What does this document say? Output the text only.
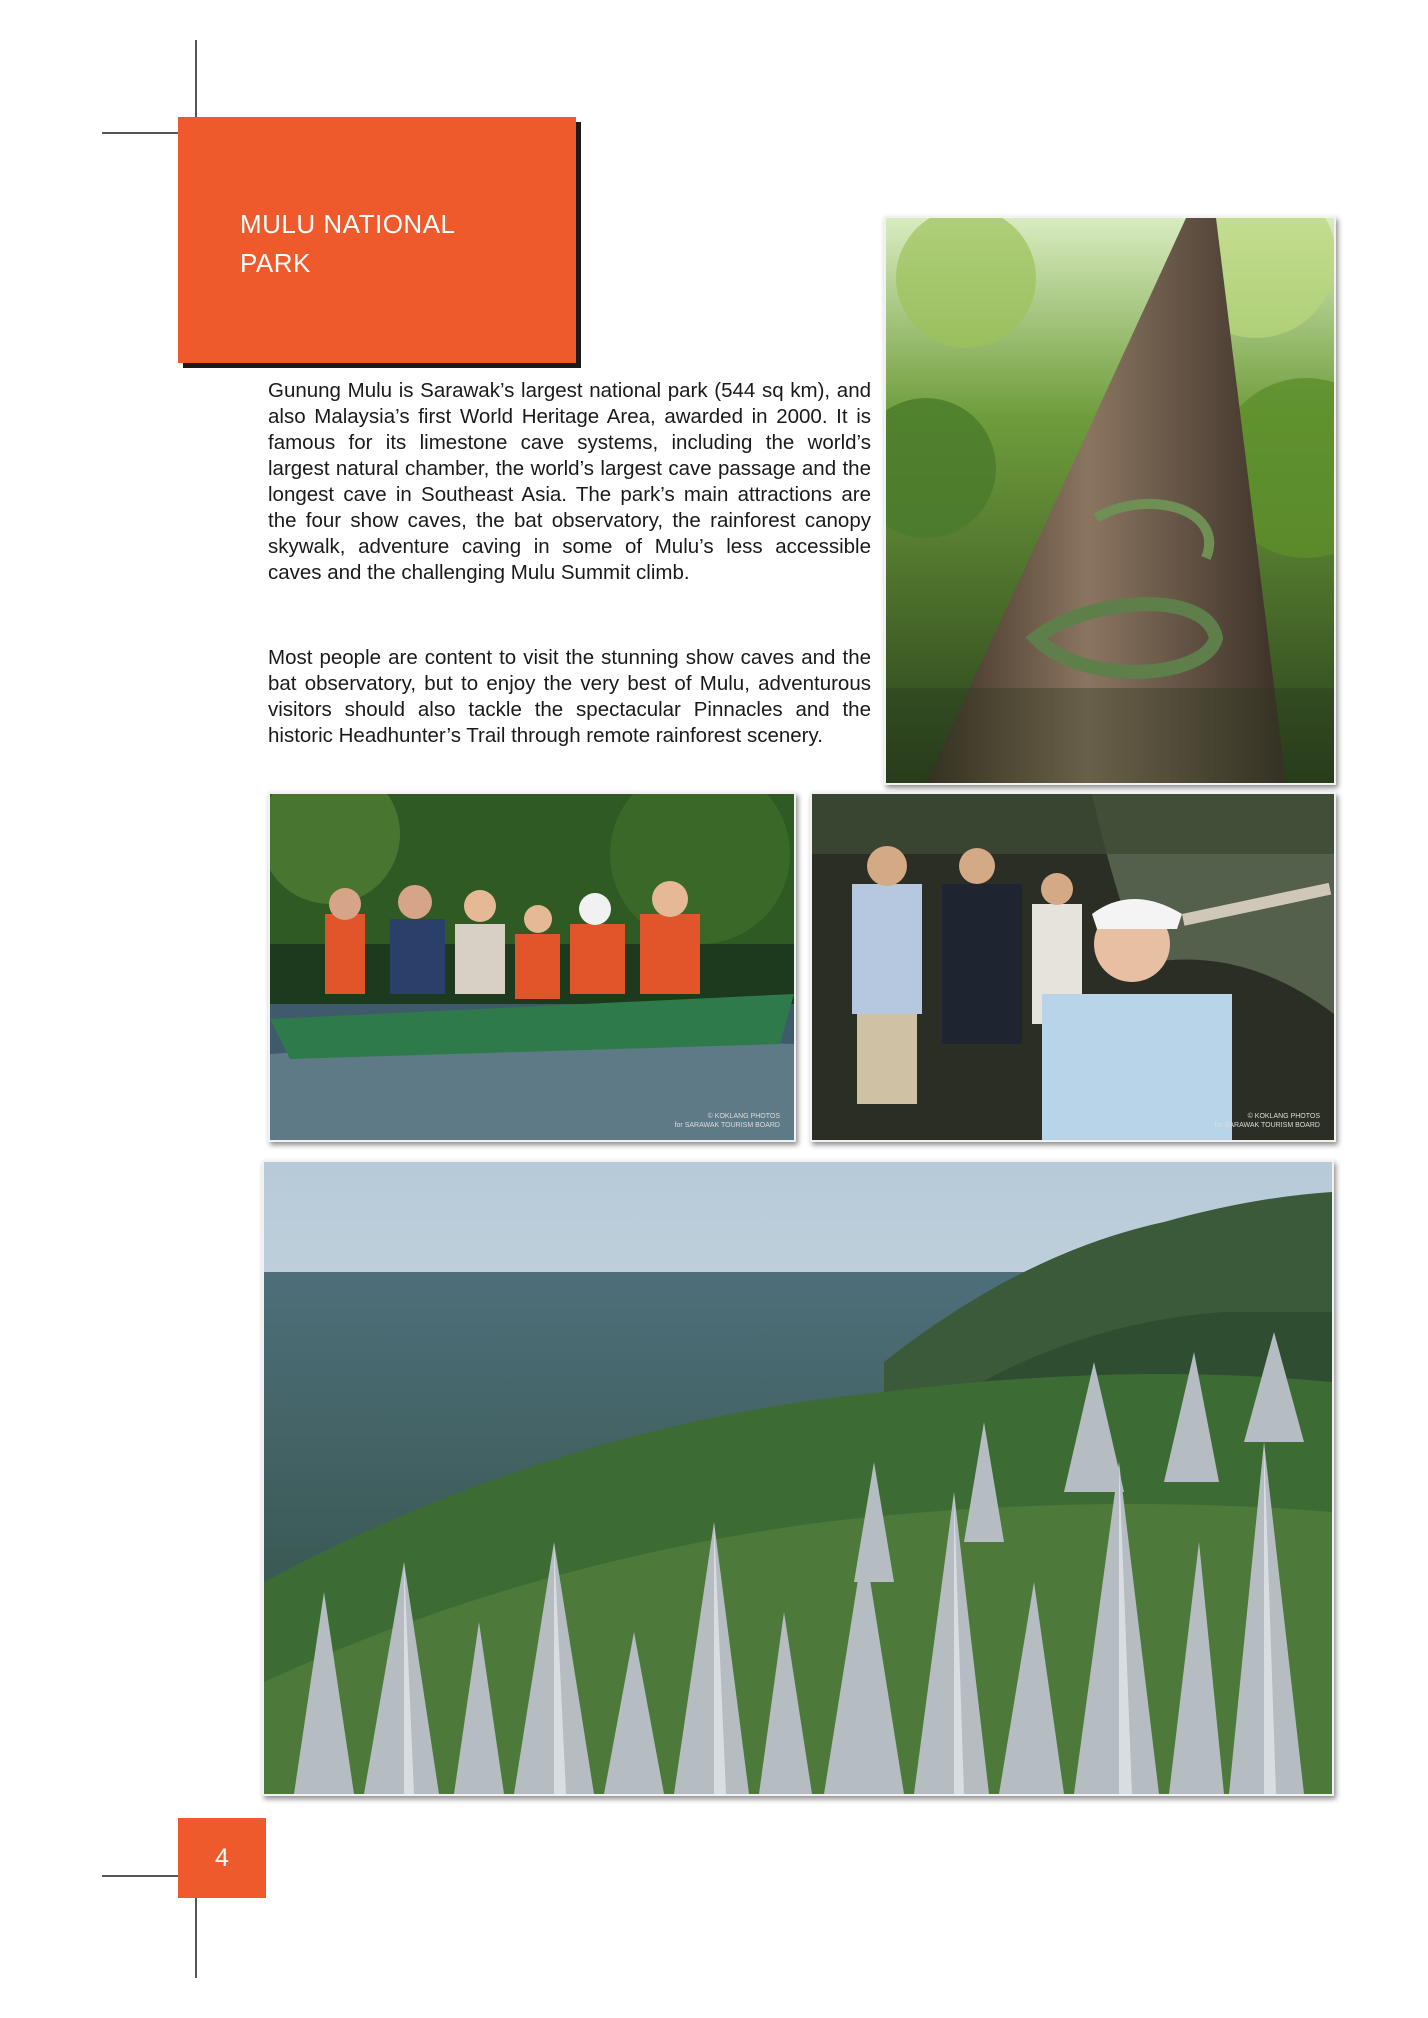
MULU NATIONAL
PARK

Gunung Mulu is Sarawak’s largest national park (544 sq km), and also Malaysia’s first World Heritage Area, awarded in 2000. It is famous for its limestone cave systems, including the world’s largest natural chamber, the world’s largest cave passage and the longest cave in Southeast Asia. The park’s main attractions are the four show caves, the bat observatory, the rainforest canopy skywalk, adventure caving in some of Mulu’s less accessible caves and the challenging Mulu Summit climb.

Most people are content to visit the stunning show caves and the bat observatory, but to enjoy the very best of Mulu, adventurous visitors should also tackle the spectacular Pinnacles and the historic Headhunter’s Trail through remote rainforest scenery.

© KOKLANG PHOTOS
for SARAWAK TOURISM BOARD
© KOKLANG PHOTOS
for SARAWAK TOURISM BOARD
4
